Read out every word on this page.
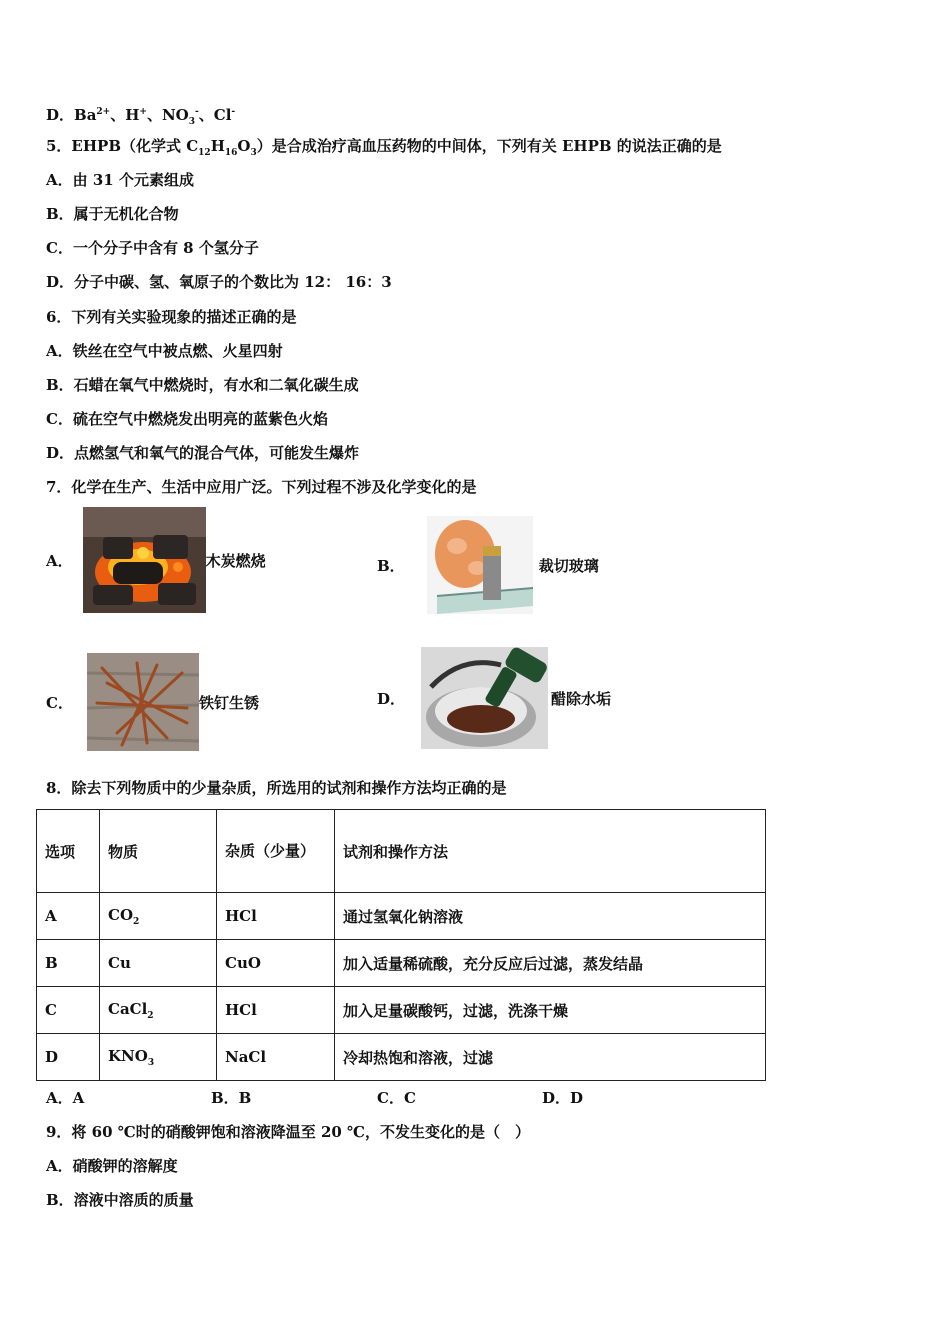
D．$Ba^{2+}$、H+、$NO_3^-$、Cl-
5．EHPB（化学式 $C_{12}H_{16}O_3$）是合成治疗高血压药物的中间体，下列有关 EHPB 的说法正确的是
A．由 31 个元素组成
B．属于无机化合物
C．一个分子中含有 8 个氢分子
D．分子中碳、氢、氧原子的个数比为 12： 16：3
6．下列有关实验现象的描述正确的是
A．铁丝在空气中被点燃、火星四射
B．石蜡在氧气中燃烧时，有水和二氧化碳生成
C．硫在空气中燃烧发出明亮的蓝紫色火焰
D．点燃氢气和氧气的混合气体，可能发生爆炸
7．化学在生产、生活中应用广泛。下列过程不涉及化学变化的是
A．	木炭燃烧	B．	裁切玻璃
C．	铁钉生锈	D．	醋除水垢
8．除去下列物质中的少量杂质，所选用的试剂和操作方法均正确的是
选项	物质	杂质（少量）	试剂和操作方法
A	$CO_2$	HCl	通过氢氧化钠溶液
B	Cu	CuO	加入适量稀硫酸，充分反应后过滤，蒸发结晶
C	CaCl$_2$	HCl	加入足量碳酸钙，过滤，洗涤干燥
D	$KNO_3$	NaCl	冷却热饱和溶液，过滤
A．A	B．B	C．C	D．D
9．将 60 ℃时的硝酸钾饱和溶液降温至 20 ℃，不发生变化的是（　）
A．硝酸钾的溶解度
B．溶液中溶质的质量
